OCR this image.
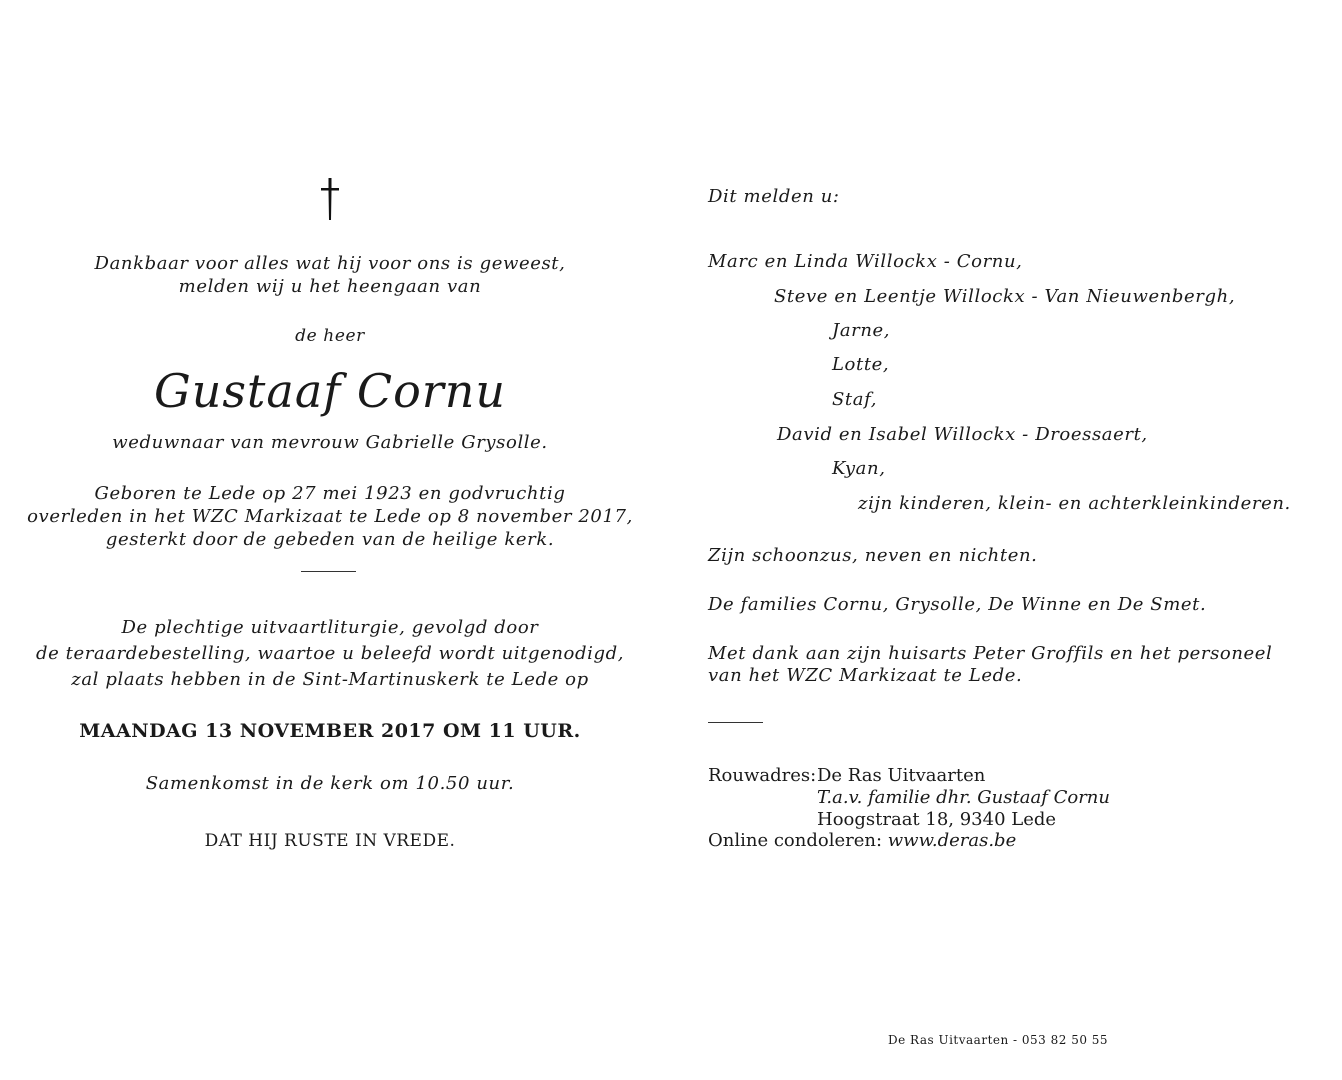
Dankbaar voor alles wat hij voor ons is geweest,
melden wij u het heengaan van
de heer
Gustaaf Cornu
weduwnaar van mevrouw Gabrielle Grysolle.
Geboren te Lede op 27 mei 1923 en godvruchtig
overleden in het WZC Markizaat te Lede op 8 november 2017,
gesterkt door de gebeden van de heilige kerk.
De plechtige uitvaartliturgie, gevolgd door
de teraardebestelling, waartoe u beleefd wordt uitgenodigd,
zal plaats hebben in de Sint-Martinuskerk te Lede op
MAANDAG 13 NOVEMBER 2017 OM 11 UUR.
Samenkomst in de kerk om 10.50 uur.
DAT HIJ RUSTE IN VREDE.
Dit melden u:
Marc en Linda Willockx - Cornu,
Steve en Leentje Willockx - Van Nieuwenbergh,
Jarne,
Lotte,
Staf,
David en Isabel Willockx - Droessaert,
Kyan,
zijn kinderen, klein- en achterkleinkinderen.
Zijn schoonzus, neven en nichten.
De families Cornu, Grysolle, De Winne en De Smet.
Met dank aan zijn huisarts Peter Groffils en het personeel
van het WZC Markizaat te Lede.
Rouwadres: De Ras Uitvaarten
T.a.v. familie dhr. Gustaaf Cornu
Hoogstraat 18, 9340 Lede
Online condoleren: www.deras.be
De Ras Uitvaarten - 053 82 50 55
